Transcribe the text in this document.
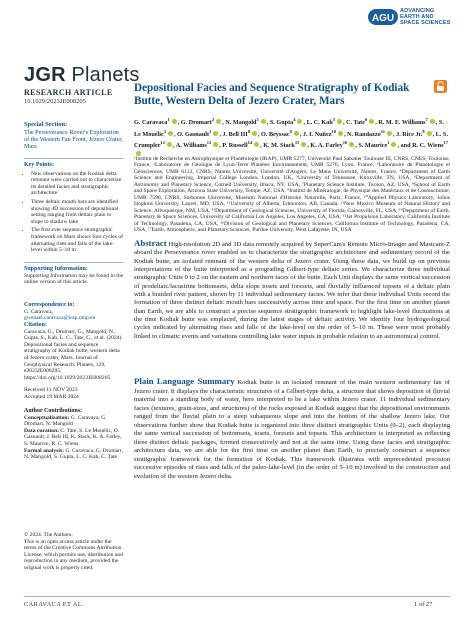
AGU
ADVANCING
EARTH AND
SPACE SCIENCES
JGR Planets
RESEARCH ARTICLE
10.1029/2023JE008205
Special Section:
The Perseverance Rover's Exploration of the Western Fan Front, Jezero Crater, Mars
Key Points:
• New observations on the Kodiak delta remnant were carried out to characterize its detailed facies and stratigraphic architecture
• Three deltaic mouth bars are identified showing 4D succession of depositional setting ranging from deltaic plain to slope to shallow lake
• The first ever sequence stratigraphic framework on Mars shows four cycles of alternating rises and falls of the lake-level within 5–10 m
Supporting Information:
Supporting Information may be found in the online version of this article.
Correspondence to:
G. Caravaca,
gwenael.caravaca@irap.omp.eu
Citation:
Caravaca, G., Dromart, G., Mangold, N., Gupta, S., Kah, L. C., Tate, C., et al. (2024). Depositional facies and sequence stratigraphy of Kodiak butte, western delta of Jezero crater, Mars. Journal of Geophysical Research: Planets, 129, e2023JE008205. https://doi.org/10.1029/2023JE008205
Received 11 NOV 2023
Accepted 19 MAR 2024
Author Contributions:
Conceptualization: G. Caravaca, G. Dromart, N. Mangold
Data curation: C. Tate, S. Le Mouélic, O. Gasnault, J. Bell III, K. Stack, K. A. Farley, S. Maurice, R. C. Wiens
Formal analysis: G. Caravaca, G. Dromart, N. Mangold, S. Gupta, L. C. Kah, C. Tate
© 2024. The Authors.
This is an open access article under the terms of the Creative Commons Attribution License, which permits use, distribution and reproduction in any medium, provided the original work is properly cited.
Depositional Facies and Sequence Stratigraphy of Kodiak Butte, Western Delta of Jezero Crater, Mars
G. Caravaca$^1$ , G. Dromart$^2$ , N. Mangold$^3$ , S. Gupta$^4$ , L. C. Kah$^5$ , C. Tate$^6$ , R. M. E. Williams$^7$ , S. Le Mouélic$^3$ , O. Gasnault$^1$ , J. Bell III$^8$ , O. Beyssac$^9$ , J. I. Nuñez$^{10}$ , N. Randazzo$^{11}$ , J. Rice Jr.$^8$ , L. S. Crumpler$^{12}$ , A. Williams$^{13}$ , P. Russell$^{14}$ , K. M. Stack$^{15}$ , K. A. Farley$^{16}$ , S. Maurice$^1$ , and R. C. Wiens$^{17}$
¹Institut de Recherche en Astrophysique et Planétologie (IRAP), UMR 5277, Université Paul Sabatier Toulouse III, CNRS, CNES, Toulouse, France, ²Laboratoire de Géologie de Lyon-Terre Planètes Environnement, UMR 5276, Lyon, France, ³Laboratoire de Planétologie et Géosciences, UMR 6112, CNRS, Nantes Université, Université d'Angers, Le Mans Université, Nantes, France, ⁴Department of Earth Science and Engineering, Imperial College London, London, UK, ⁵University of Tennessee, Knoxville, TN, USA, ⁶Department of Astronomy and Planetary Science, Cornell University, Ithaca, NY, USA, ⁷Planetary Science Institute, Tucson, AZ, USA, ⁸School of Earth and Space Exploration, Arizona State University, Tempe, AZ, USA, ⁹Institut de Minéralogie, de Physique des Matériaux et de Cosmochimie, UMR 7590, CNRS, Sorbonne Université, Muséum National d'Histoire Naturelle, Paris, France, ¹⁰Applied Physics Laboratory, Johns Hopkins University, Laurel, MD, USA, ¹¹University of Alberta, Edmonton, AB, Canada, ¹²New Mexico Museum of Natural History and Science, Albuquerque, NM, USA, ¹³Department of Geological Sciences, University of Florida, Gainesville, FL, USA, ¹⁴Department of Earth, Planetary & Space Sciences, University of California Los Angeles, Los Angeles, CA, USA, ¹⁵Jet Propulsion Laboratory, California Institute of Technology, Pasadena, CA, USA, ¹⁶Division of Geological and Planetary Sciences, California Institute of Technology, Pasadena, CA, USA, ¹⁷Earth, Atmospheric, and Planetary Sciences, Purdue University, West Lafayette, IN, USA
Abstract High-resolution 2D and 3D data remotely acquired by SuperCam's Remote Micro-Imager and Mastcam-Z aboard the Perseverance rover enabled us to characterize the stratigraphic architecture and sedimentary record of the Kodiak butte, an isolated remnant of the western delta of Jezero crater. Using these data, we build up on previous interpretations of the butte interpreted as a prograding Gilbert-type deltaic series. We characterize three individual stratigraphic Units 0 to 2 on the eastern and northern faces of the butte. Each Unit displays the same vertical succession of prodeltaic/lacustrine bottomsets, delta slope tosets and foresets, and fluvially influenced topsets of a deltaic plain with a braided river pattern, shown by 11 individual sedimentary facies. We infer that these individual Units record the formation of three distinct deltaic mouth bars successively across time and space. For the first time on another planet than Earth, we are able to construct a precise sequence stratigraphic framework to highlight lake-level fluctuations at the time Kodiak butte was emplaced, during the latest stages of deltaic activity. We identify four hydrogeological cycles indicated by alternating rises and falls of the lake-level on the order of 5–10 m. These were most probably linked to climatic events and variations controlling lake water inputs in probable relation to an astronomical control.
Plain Language Summary Kodiak butte is an isolated remnant of the main western sedimentary fan of Jezero crater. It displays the characteristic structures of a Gilbert-type delta, a structure that shows deposition of fluvial material into a standing body of water, here interpreted to be a lake within Jezero crater. 11 individual sedimentary facies (textures, grain-sizes, and structures) of the rocks exposed at Kodiak suggest that the depositional environments ranged from the fluvial plain to a steep subaqueous slope and into the bottom of the shallow Jezero lake. Our observations further show that Kodiak butte is organized into three distinct stratigraphic Units (0–2), each displaying the same vertical succession of bottomsets, tosets, foresets and topsets. This architecture is interpreted as reflecting three distinct deltaic packages, formed consecutively and not at the same time. Using these facies and stratigraphic architecture data, we are able for the first time on another planet than Earth, to precisely construct a sequence stratigraphic framework for the formation of Kodiak. This framework illustrates with unprecedented precision successive episodes of rises and falls of the paleo-lake-level (in the order of 5–10 m) involved in the construction and evolution of the western Jezero delta.
CARAVACA ET AL.	1 of 27
